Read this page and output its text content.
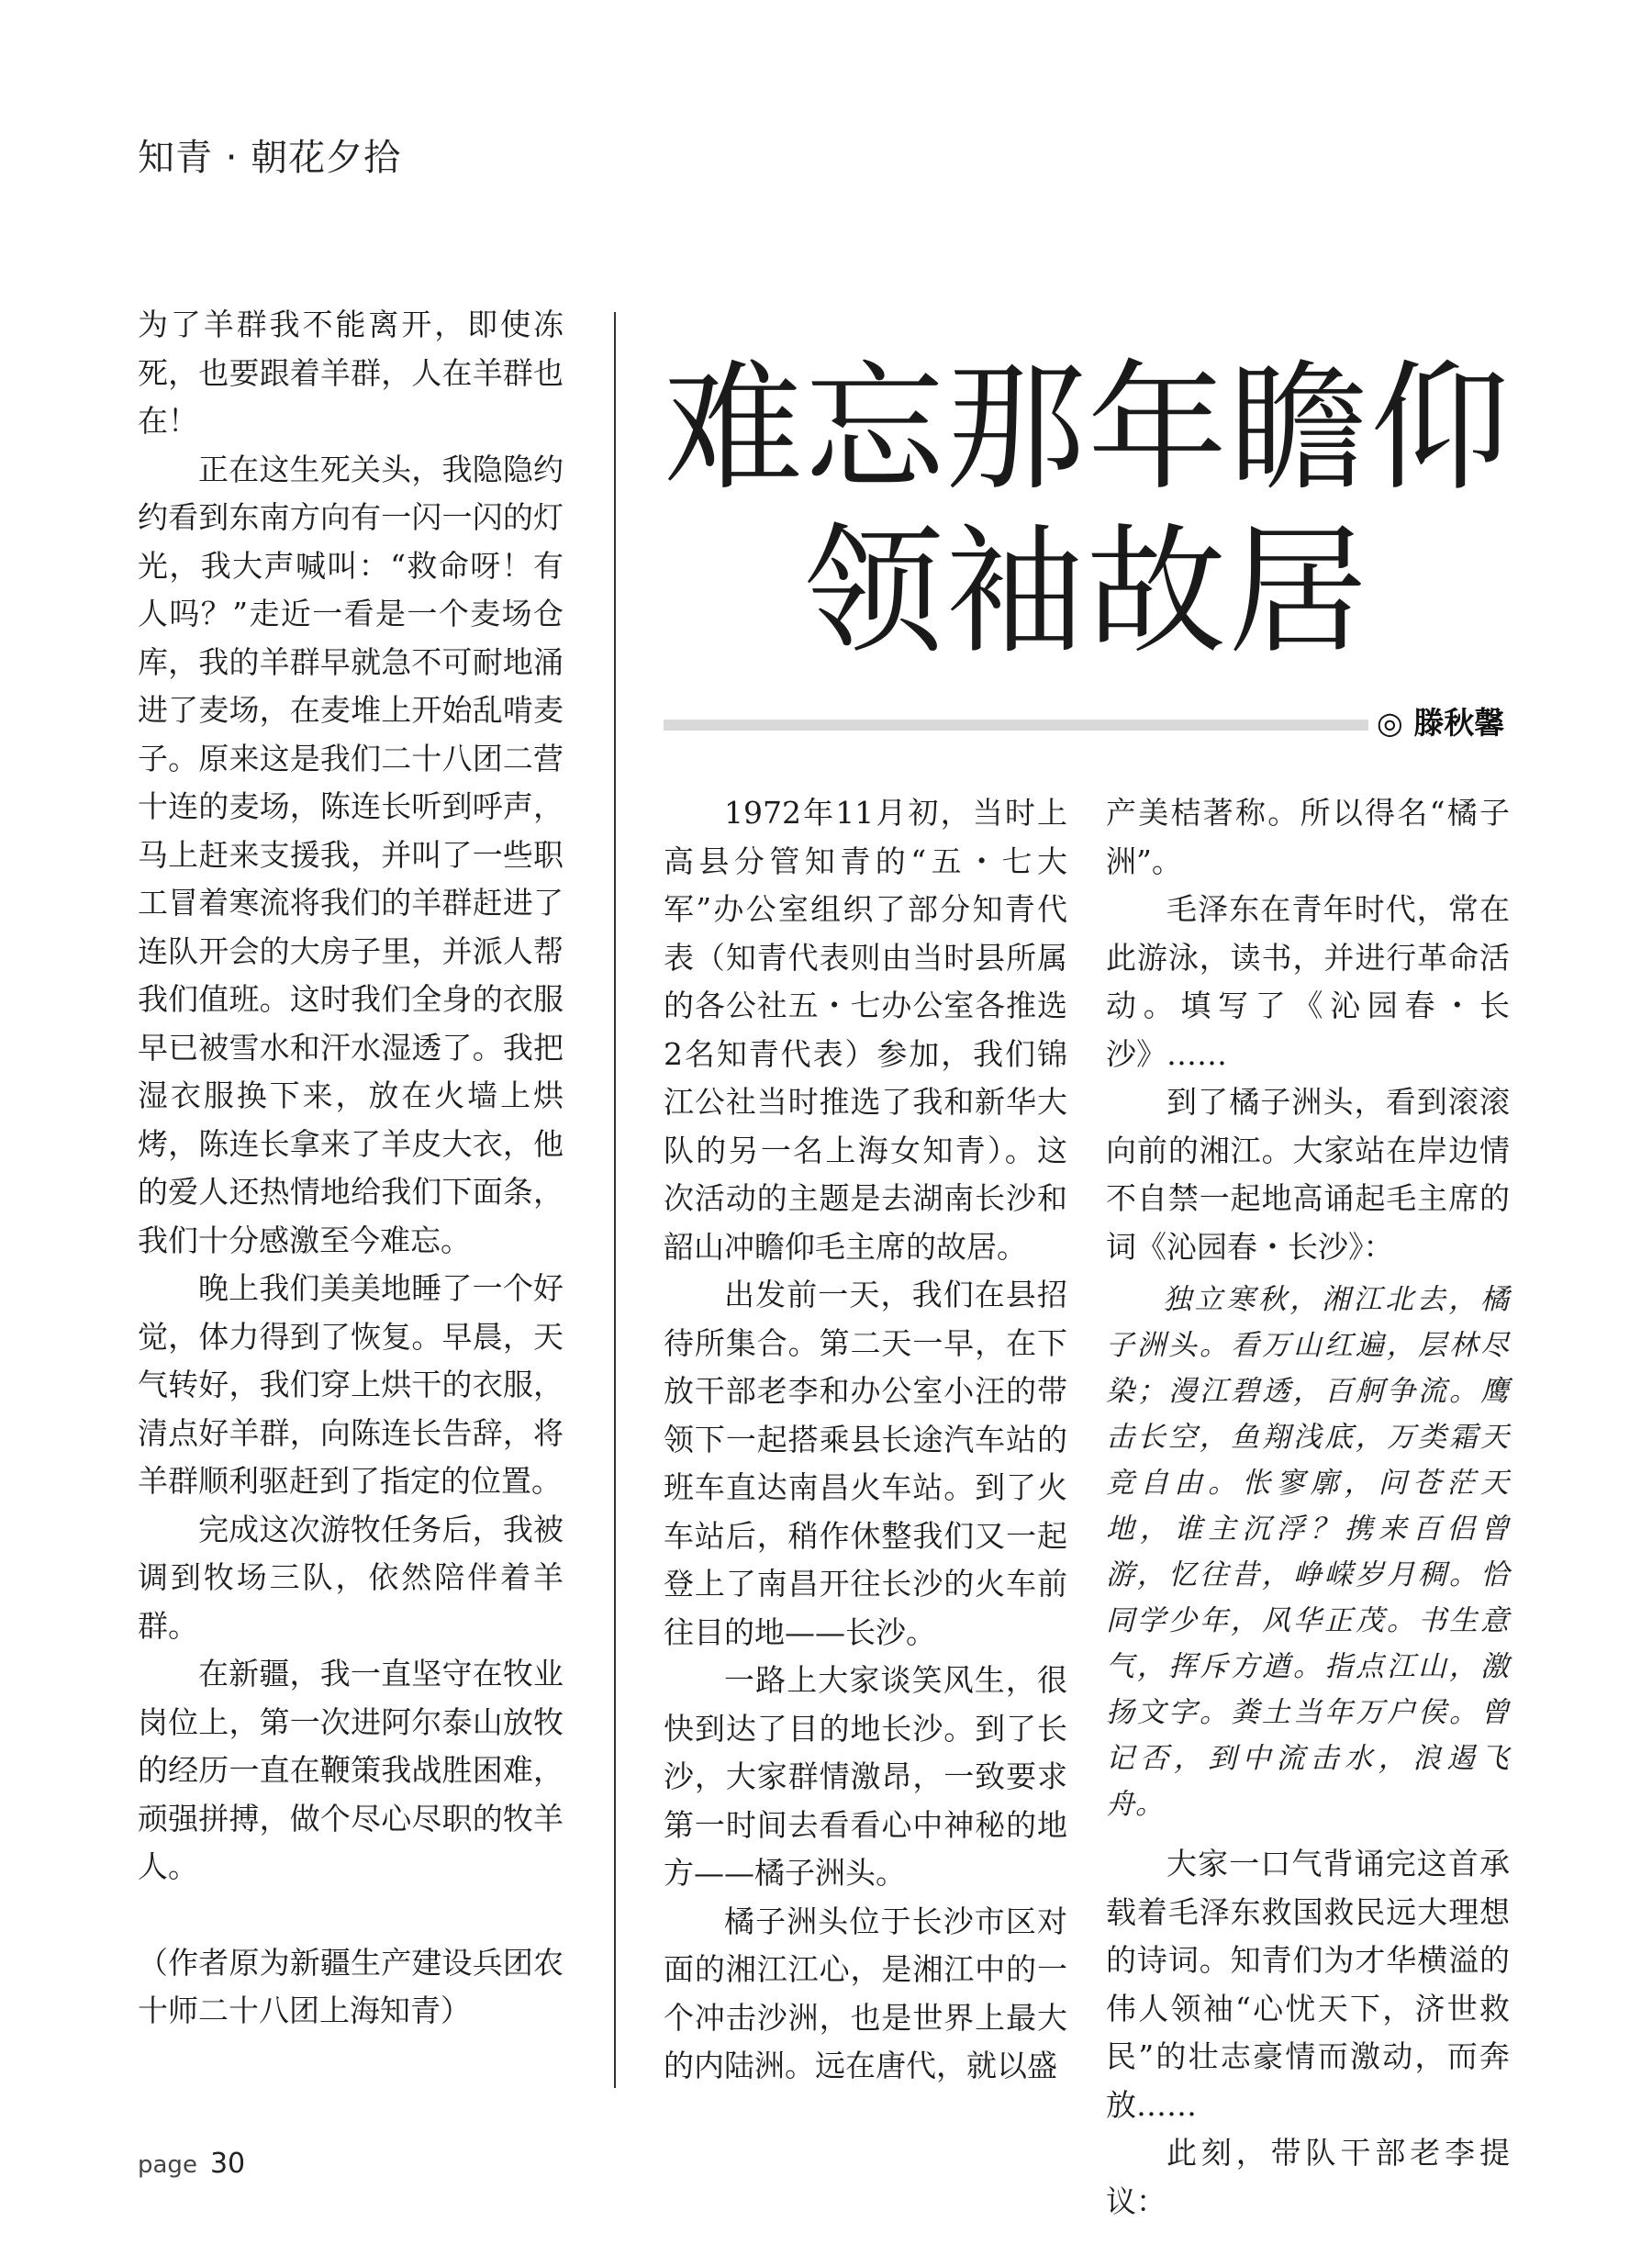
知青 · 朝花夕拾

为了羊群我不能离开，即使冻死，也要跟着羊群，人在羊群也在！

正在这生死关头，我隐隐约约看到东南方向有一闪一闪的灯光，我大声喊叫：“救命呀！有人吗？”走近一看是一个麦场仓库，我的羊群早就急不可耐地涌进了麦场，在麦堆上开始乱啃麦子。原来这是我们二十八团二营十连的麦场，陈连长听到呼声，马上赶来支援我，并叫了一些职工冒着寒流将我们的羊群赶进了连队开会的大房子里，并派人帮我们值班。这时我们全身的衣服早已被雪水和汗水湿透了。我把湿衣服换下来，放在火墙上烘烤，陈连长拿来了羊皮大衣，他的爱人还热情地给我们下面条，我们十分感激至今难忘。

晚上我们美美地睡了一个好觉，体力得到了恢复。早晨，天气转好，我们穿上烘干的衣服，清点好羊群，向陈连长告辞，将羊群顺利驱赶到了指定的位置。

完成这次游牧任务后，我被调到牧场三队，依然陪伴着羊群。

在新疆，我一直坚守在牧业岗位上，第一次进阿尔泰山放牧的经历一直在鞭策我战胜困难，顽强拼搏，做个尽心尽职的牧羊人。

（作者原为新疆生产建设兵团农十师二十八团上海知青）

难忘那年瞻仰
领袖故居
◎ 滕秋馨

1972年11月初，当时上高县分管知青的“五・七大军”办公室组织了部分知青代表（知青代表则由当时县所属的各公社五・七办公室各推选2名知青代表）参加，我们锦江公社当时推选了我和新华大队的另一名上海女知青）。这次活动的主题是去湖南长沙和韶山冲瞻仰毛主席的故居。

出发前一天，我们在县招待所集合。第二天一早，在下放干部老李和办公室小汪的带领下一起搭乘县长途汽车站的班车直达南昌火车站。到了火车站后，稍作休整我们又一起登上了南昌开往长沙的火车前往目的地——长沙。

一路上大家谈笑风生，很快到达了目的地长沙。到了长沙，大家群情激昂，一致要求第一时间去看看心中神秘的地方——橘子洲头。

橘子洲头位于长沙市区对面的湘江江心，是湘江中的一个冲击沙洲，也是世界上最大的内陆洲。远在唐代，就以盛

产美桔著称。所以得名“橘子洲”。

毛泽东在青年时代，常在此游泳，读书，并进行革命活动。填写了《沁园春・长沙》……

到了橘子洲头，看到滚滚向前的湘江。大家站在岸边情不自禁一起地高诵起毛主席的词《沁园春・长沙》：

独立寒秋，湘江北去，橘子洲头。看万山红遍，层林尽染；漫江碧透，百舸争流。鹰击长空，鱼翔浅底，万类霜天竞自由。怅寥廓，问苍茫天地，谁主沉浮？携来百侣曾游，忆往昔，峥嵘岁月稠。恰同学少年，风华正茂。书生意气，挥斥方遒。指点江山，激扬文字。粪土当年万户侯。曾记否，到中流击水，浪遏飞舟。

大家一口气背诵完这首承载着毛泽东救国救民远大理想的诗词。知青们为才华横溢的伟人领袖“心忧天下，济世救民”的壮志豪情而激动，而奔放……

此刻，带队干部老李提议：

page 30
